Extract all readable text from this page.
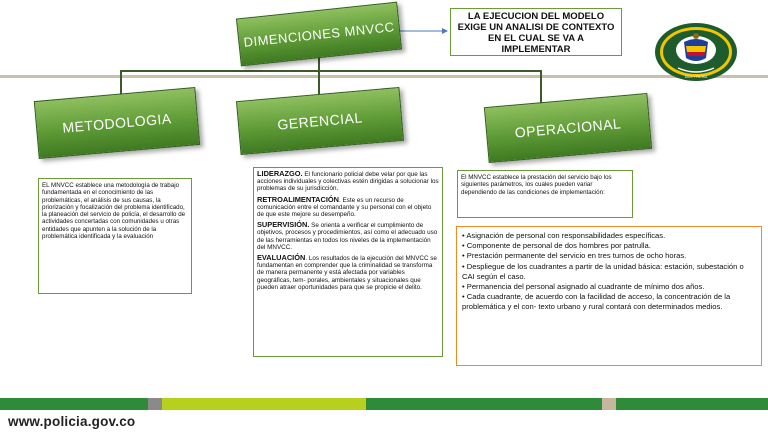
DIMENCIONES MNVCC
LA EJECUCION DEL MODELO EXIGE UN ANALISI DE CONTEXTO EN EL CUAL SE VA A IMPLEMENTAR
DIOS Y PATRIA
METODOLOGIA
EL MNVCC establece una metodología de trabajo fundamentada en el conocimiento de las problemáticas, el análisis de sus causas, la priorización y focalización del problema identificado, la planeación del servicio de policía, el desarrollo de actividades concertadas con comunidades u otras entidades que apunten a la solución de la problemática identificada y la evaluación
GERENCIAL

LIDERAZGO. El funcionario policial debe velar por que las acciones individuales y colectivas estén dirigidas a solucionar los problemas de su jurisdicción.

RETROALIMENTACIÓN. Este es un recurso de comunicación entre el comandante y su personal con el objeto de que este mejore su desempeño.

SUPERVISIÓN. Se orienta a verificar el cumplimiento de objetivos, procesos y procedimientos, así como el adecuado uso de las herramientas en todos los niveles de la implementación del MNVCC.

EVALUACIÓN. Los resultados de la ejecución del MNVCC se fundamentan en comprender que la criminalidad se transforma de manera permanente y está afectada por variables geográficas, tem- porales, ambientales y situacionales que pueden atraer oportunidades para que se propicie el delito.

OPERACIONAL
El MNVCC establece la prestación del servicio bajo los siguientes parámetros, los cuales pueden variar dependiendo de las condiciones de implementación:
• Asignación de personal con responsabilidades específicas.
• Componente de personal de dos hombres por patrulla.
• Prestación permanente del servicio en tres turnos de ocho horas.
• Despliegue de los cuadrantes a partir de la unidad básica: estación, subestación o CAI según el caso.
• Permanencia del personal asignado al cuadrante de mínimo dos años.
• Cada cuadrante, de acuerdo con la facilidad de acceso, la concentración de la problemática y el con- texto urbano y rural contará con determinados medios.
www.policia.gov.co
